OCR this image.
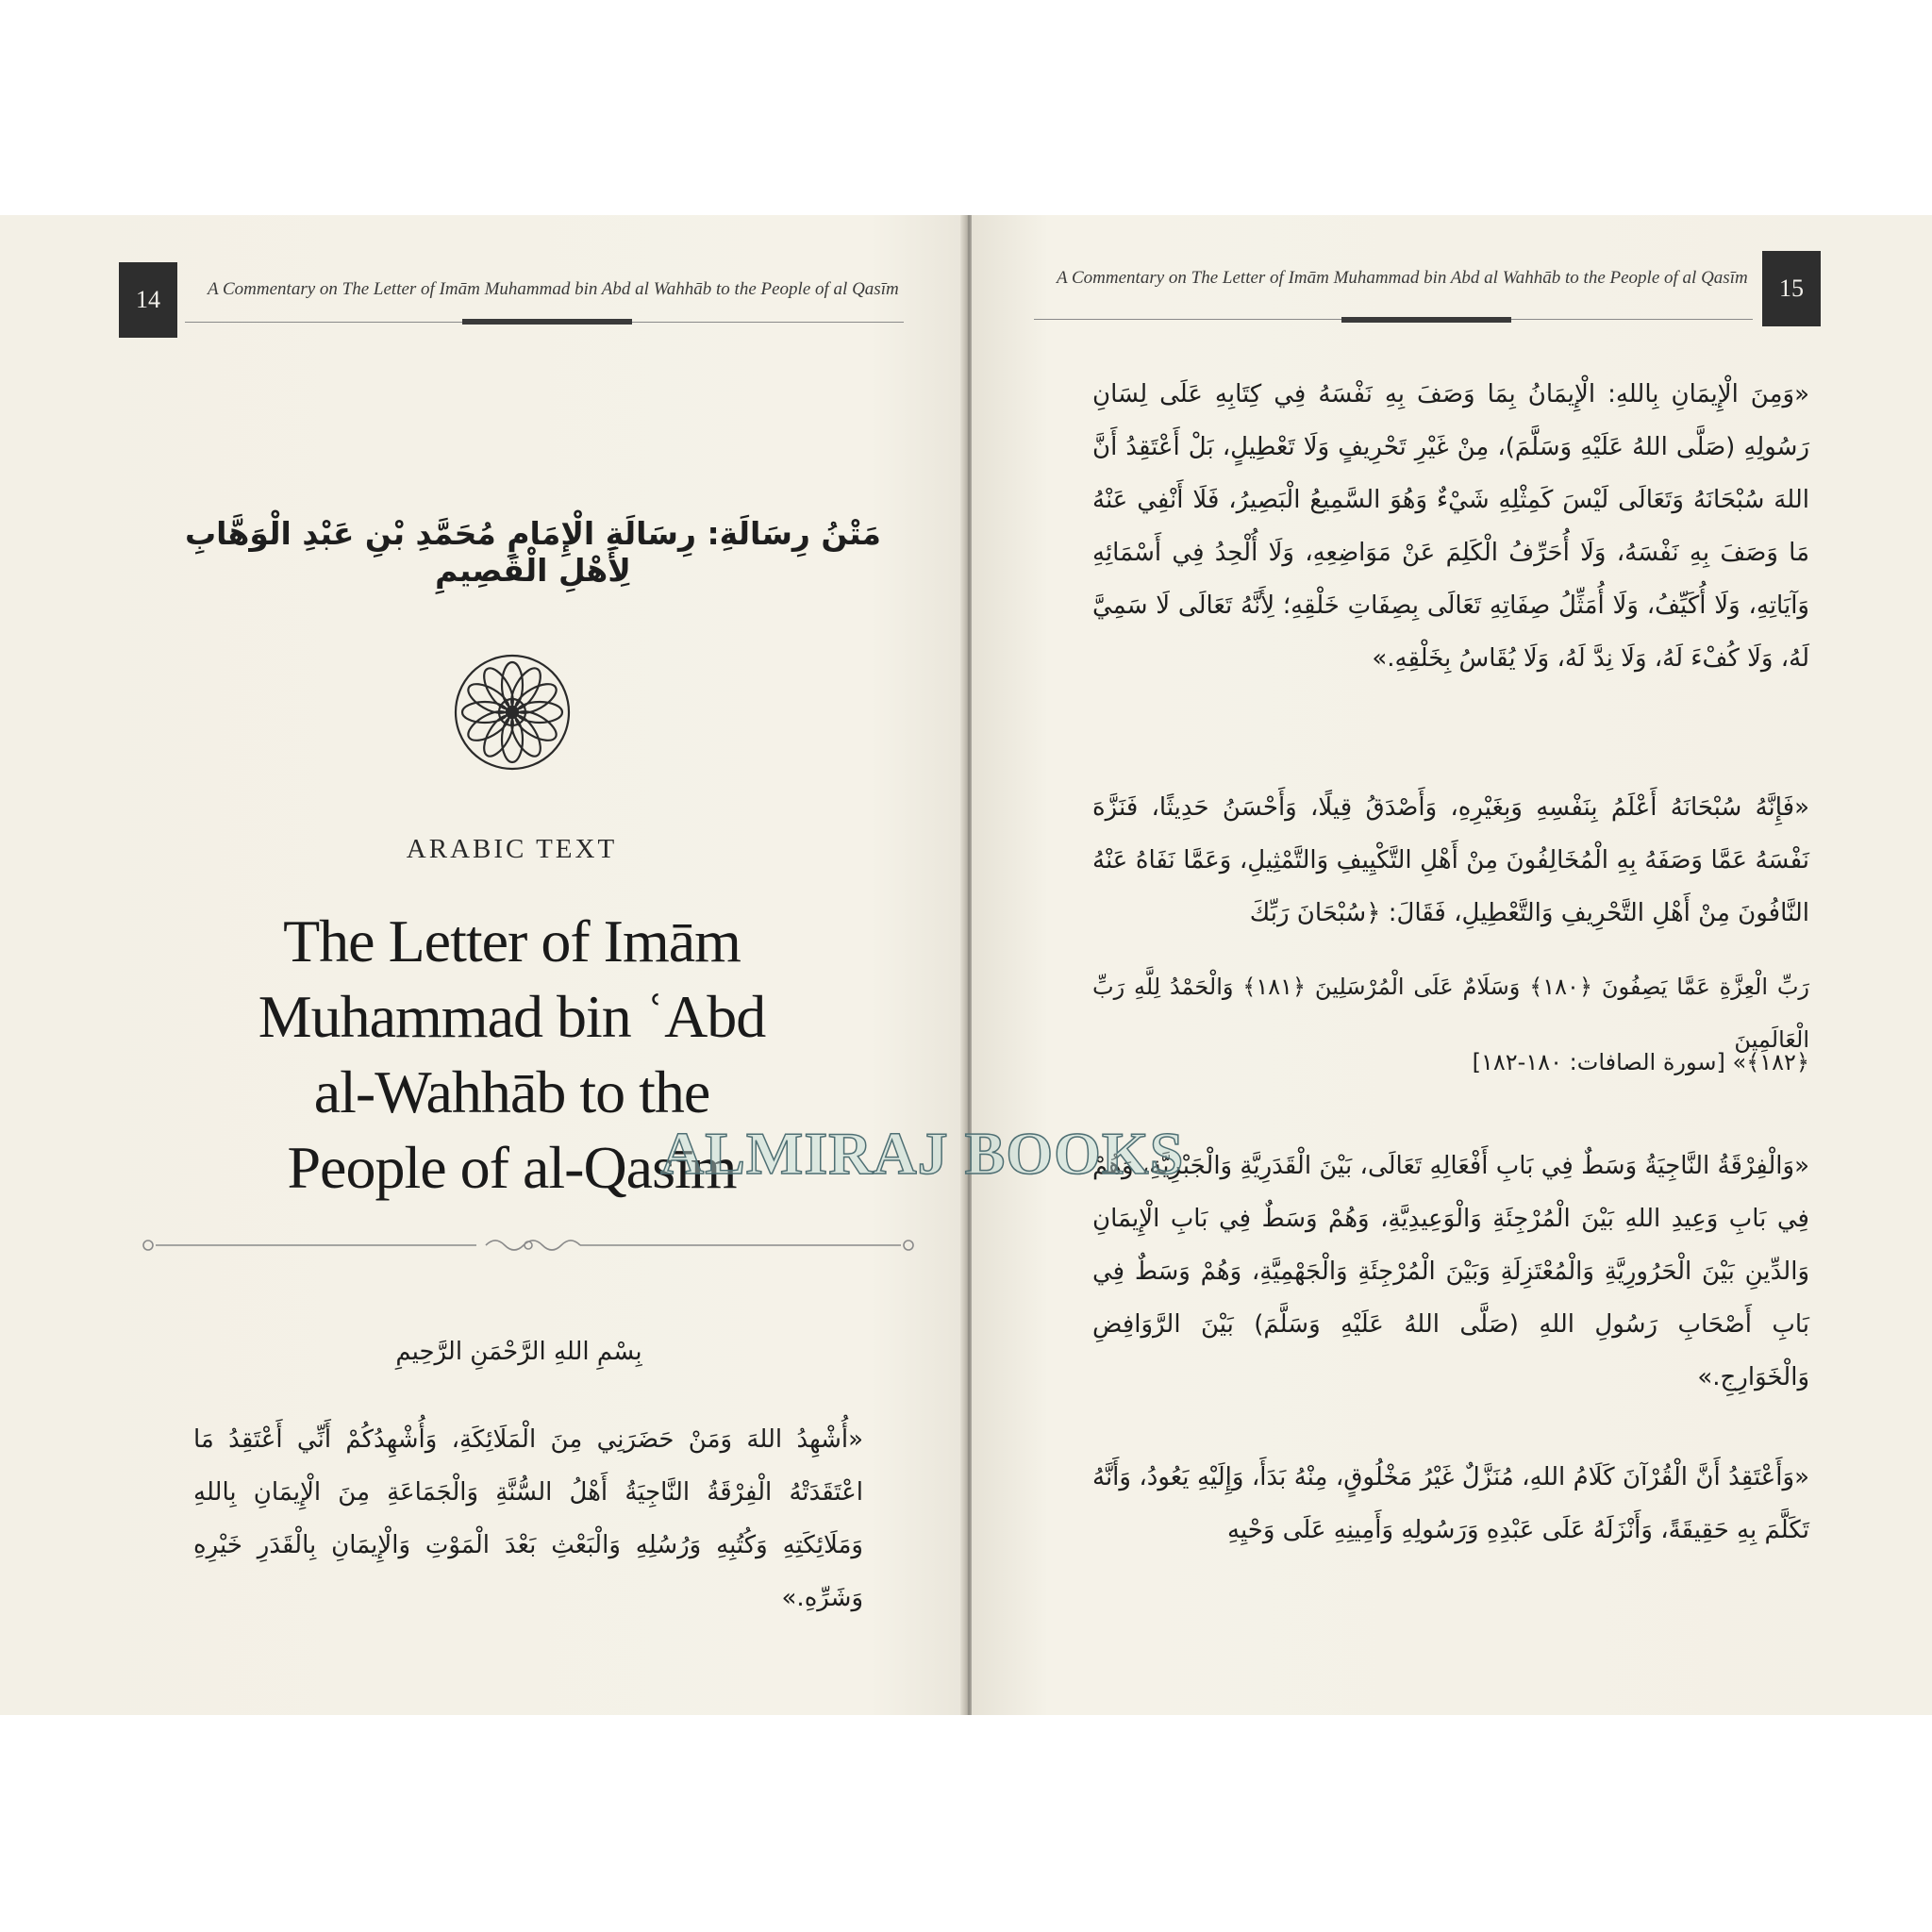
14	A Commentary on The Letter of Imām Muhammad bin Abd al Wahhāb to the People of al Qasīm
مَتْنُ رِسَالَةِ: رِسَالَةِ الْإِمَامِ مُحَمَّدِ بْنِ عَبْدِ الْوَهَّابِ لِأَهْلِ الْقَصِيمِ
ARABIC TEXT
The Letter of Imām
Muhammad bin ʿAbd
al-Wahhāb to the
People of al-Qasīm
بِسْمِ اللهِ الرَّحْمَنِ الرَّحِيمِ
«أُشْهِدُ اللهَ وَمَنْ حَضَرَنِي مِنَ الْمَلَائِكَةِ، وَأُشْهِدُكُمْ أَنِّي أَعْتَقِدُ مَا اعْتَقَدَتْهُ الْفِرْقَةُ النَّاجِيَةُ أَهْلُ السُّنَّةِ وَالْجَمَاعَةِ مِنَ الْإِيمَانِ بِاللهِ وَمَلَائِكَتِهِ وَكُتُبِهِ وَرُسُلِهِ وَالْبَعْثِ بَعْدَ الْمَوْتِ وَالْإِيمَانِ بِالْقَدَرِ خَيْرِهِ وَشَرِّهِ.»
A Commentary on The Letter of Imām Muhammad bin Abd al Wahhāb to the People of al Qasīm	15
«وَمِنَ الْإِيمَانِ بِاللهِ: الْإِيمَانُ بِمَا وَصَفَ بِهِ نَفْسَهُ فِي كِتَابِهِ عَلَى لِسَانِ رَسُولِهِ (صَلَّى اللهُ عَلَيْهِ وَسَلَّمَ)، مِنْ غَيْرِ تَحْرِيفٍ وَلَا تَعْطِيلٍ، بَلْ أَعْتَقِدُ أَنَّ اللهَ سُبْحَانَهُ وَتَعَالَى لَيْسَ كَمِثْلِهِ شَيْءٌ وَهُوَ السَّمِيعُ الْبَصِيرُ، فَلَا أَنْفِي عَنْهُ مَا وَصَفَ بِهِ نَفْسَهُ، وَلَا أُحَرِّفُ الْكَلِمَ عَنْ مَوَاضِعِهِ، وَلَا أُلْحِدُ فِي أَسْمَائِهِ وَآيَاتِهِ، وَلَا أُكَيِّفُ، وَلَا أُمَثِّلُ صِفَاتِهِ تَعَالَى بِصِفَاتِ خَلْقِهِ؛ لِأَنَّهُ تَعَالَى لَا سَمِيَّ لَهُ، وَلَا كُفْءَ لَهُ، وَلَا نِدَّ لَهُ، وَلَا يُقَاسُ بِخَلْقِهِ.»
«فَإِنَّهُ سُبْحَانَهُ أَعْلَمُ بِنَفْسِهِ وَبِغَيْرِهِ، وَأَصْدَقُ قِيلًا، وَأَحْسَنُ حَدِيثًا، فَنَزَّهَ نَفْسَهُ عَمَّا وَصَفَهُ بِهِ الْمُخَالِفُونَ مِنْ أَهْلِ التَّكْيِيفِ وَالتَّمْثِيلِ، وَعَمَّا نَفَاهُ عَنْهُ النَّافُونَ مِنْ أَهْلِ التَّحْرِيفِ وَالتَّعْطِيلِ، فَقَالَ: ﴿سُبْحَانَ رَبِّكَ
رَبِّ الْعِزَّةِ عَمَّا يَصِفُونَ ﴿١٨٠﴾ وَسَلَامٌ عَلَى الْمُرْسَلِينَ ﴿١٨١﴾ وَالْحَمْدُ لِلَّهِ رَبِّ الْعَالَمِينَ
﴿١٨٢﴾» [سورة الصافات: ١٨٠-١٨٢]
«وَالْفِرْقَةُ النَّاجِيَةُ وَسَطٌ فِي بَابِ أَفْعَالِهِ تَعَالَى، بَيْنَ الْقَدَرِيَّةِ وَالْجَبْرِيَّةِ، وَهُمْ فِي بَابِ وَعِيدِ اللهِ بَيْنَ الْمُرْجِئَةِ وَالْوَعِيدِيَّةِ، وَهُمْ وَسَطٌ فِي بَابِ الْإِيمَانِ وَالدِّينِ بَيْنَ الْحَرُورِيَّةِ وَالْمُعْتَزِلَةِ وَبَيْنَ الْمُرْجِئَةِ وَالْجَهْمِيَّةِ، وَهُمْ وَسَطٌ فِي بَابِ أَصْحَابِ رَسُولِ اللهِ (صَلَّى اللهُ عَلَيْهِ وَسَلَّمَ) بَيْنَ الرَّوَافِضِ وَالْخَوَارِجِ.»
«وَأَعْتَقِدُ أَنَّ الْقُرْآنَ كَلَامُ اللهِ، مُنَزَّلٌ غَيْرُ مَخْلُوقٍ، مِنْهُ بَدَأَ، وَإِلَيْهِ يَعُودُ، وَأَنَّهُ تَكَلَّمَ بِهِ حَقِيقَةً، وَأَنْزَلَهُ عَلَى عَبْدِهِ وَرَسُولِهِ وَأَمِينِهِ عَلَى وَحْيِهِ
ALMIRAJ BOOKS
